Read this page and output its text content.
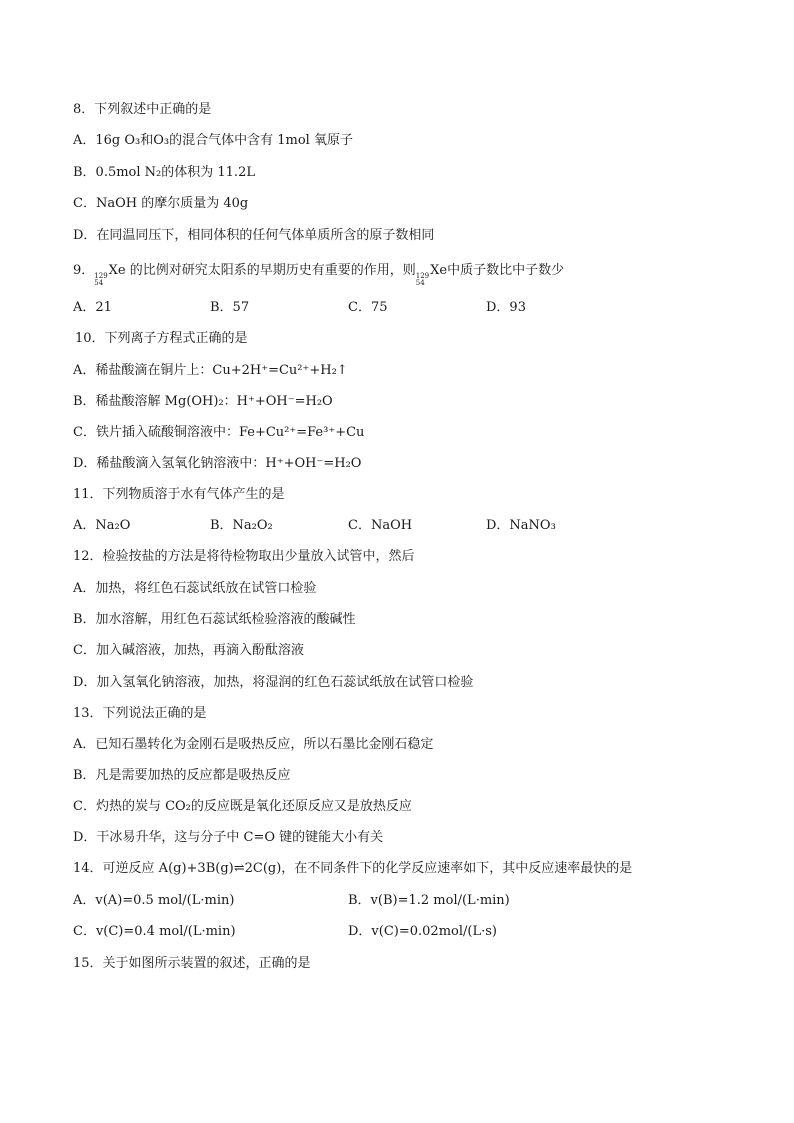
8．下列叙述中正确的是
A．16g O₃和O₃的混合气体中含有 1mol 氧原子
B．0.5mol N₂的体积为 11.2L
C．NaOH 的摩尔质量为 40g
D．在同温同压下，相同体积的任何气体单质所含的原子数相同
9． 129
54
Xe 的比例对研究太阳系的早期历史有重要的作用，则 129
54
Xe中质子数比中子数少
A．21	B．57	C．75	D．93
10．下列离子方程式正确的是
A．稀盐酸滴在铜片上：Cu+2H⁺=Cu²⁺+H₂↑
B．稀盐酸溶解 Mg(OH)₂：H⁺+OH⁻=H₂O
C．铁片插入硫酸铜溶液中：Fe+Cu²⁺=Fe³⁺+Cu
D．稀盐酸滴入氢氧化钠溶液中：H⁺+OH⁻=H₂O
11．下列物质溶于水有气体产生的是
A．Na₂O	B．Na₂O₂	C．NaOH	D．NaNO₃
12．检验按盐的方法是将待检物取出少量放入试管中，然后
A．加热，将红色石蕊试纸放在试管口检验
B．加水溶解，用红色石蕊试纸检验溶液的酸碱性
C．加入碱溶液，加热，再滴入酚酞溶液
D．加入氢氧化钠溶液，加热，将湿润的红色石蕊试纸放在试管口检验
13．下列说法正确的是
A．已知石墨转化为金刚石是吸热反应，所以石墨比金刚石稳定
B．凡是需要加热的反应都是吸热反应
C．灼热的炭与 CO₂的反应既是氧化还原反应又是放热反应
D．干冰易升华，这与分子中 C=O 键的键能大小有关
14．可逆反应 A(g)+3B(g)⇌2C(g)，在不同条件下的化学反应速率如下，其中反应速率最快的是
A．v(A)=0.5 mol/(L·min)	B．v(B)=1.2 mol/(L·min)
C．v(C)=0.4 mol/(L·min)	D．v(C)=0.02mol/(L·s)
15．关于如图所示装置的叙述，正确的是
